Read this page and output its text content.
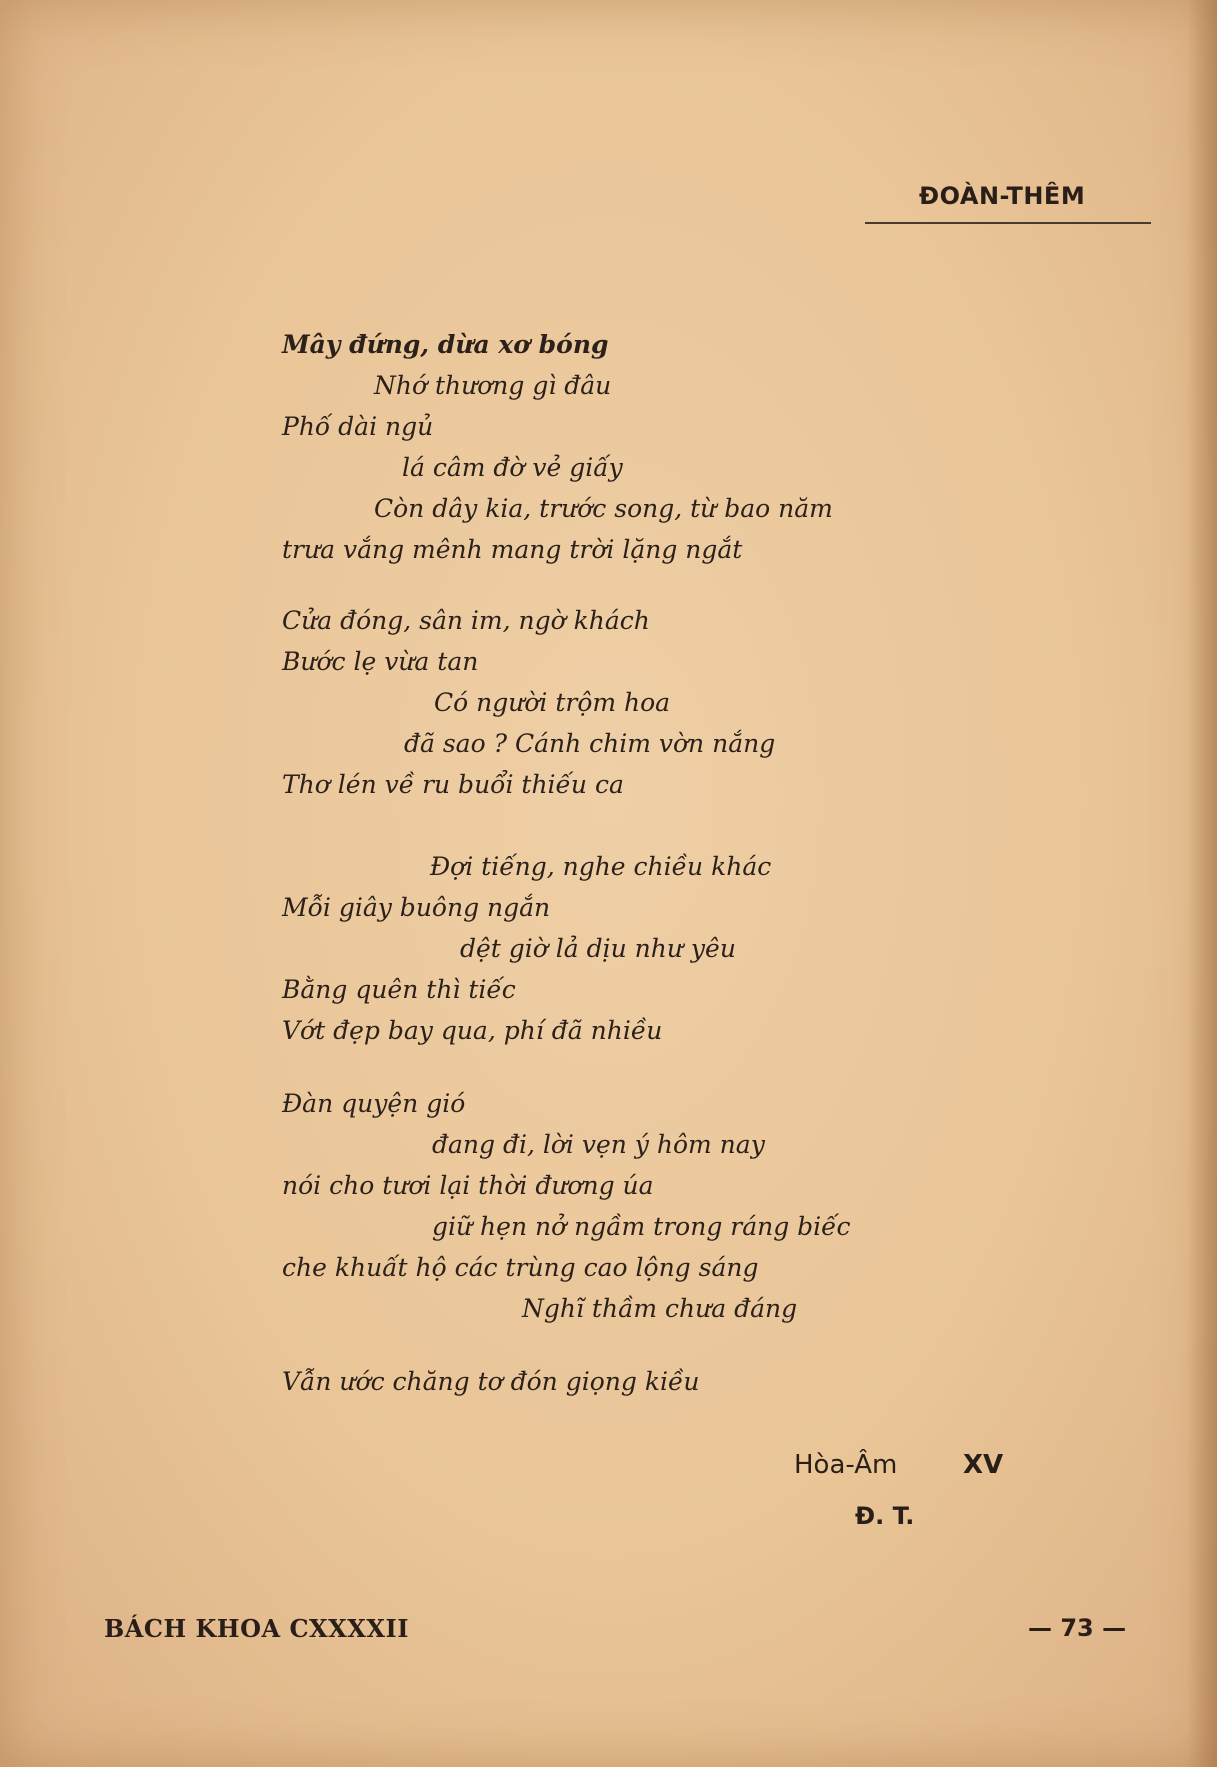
ĐOÀN-THÊM
Mây đứng, dừa xơ bóng
Nhớ thương gì đâu
Phố dài ngủ
lá câm đờ vẻ giấy
Còn dây kia, trước song, từ bao năm
trưa vắng mênh mang trời lặng ngắt
Cửa đóng, sân im, ngờ khách
Bước lẹ vừa tan
Có người trộm hoa
đã sao ? Cánh chim vờn nắng
Thơ lén về ru buổi thiếu ca
Đợi tiếng, nghe chiều khác
Mỗi giây buông ngắn
dệt giờ lả dịu như yêu
Bằng quên thì tiếc
Vớt đẹp bay qua, phí đã nhiều
Đàn quyện gió
đang đi, lời vẹn ý hôm nay
nói cho tươi lại thời đương úa
giữ hẹn nở ngầm trong ráng biếc
che khuất hộ các trùng cao lộng sáng
Nghĩ thầm chưa đáng
Vẫn ước chăng tơ đón giọng kiều
Hòa-Âm	XV
Đ. T.
BÁCH KHOA CXXXXII	— 73 —
